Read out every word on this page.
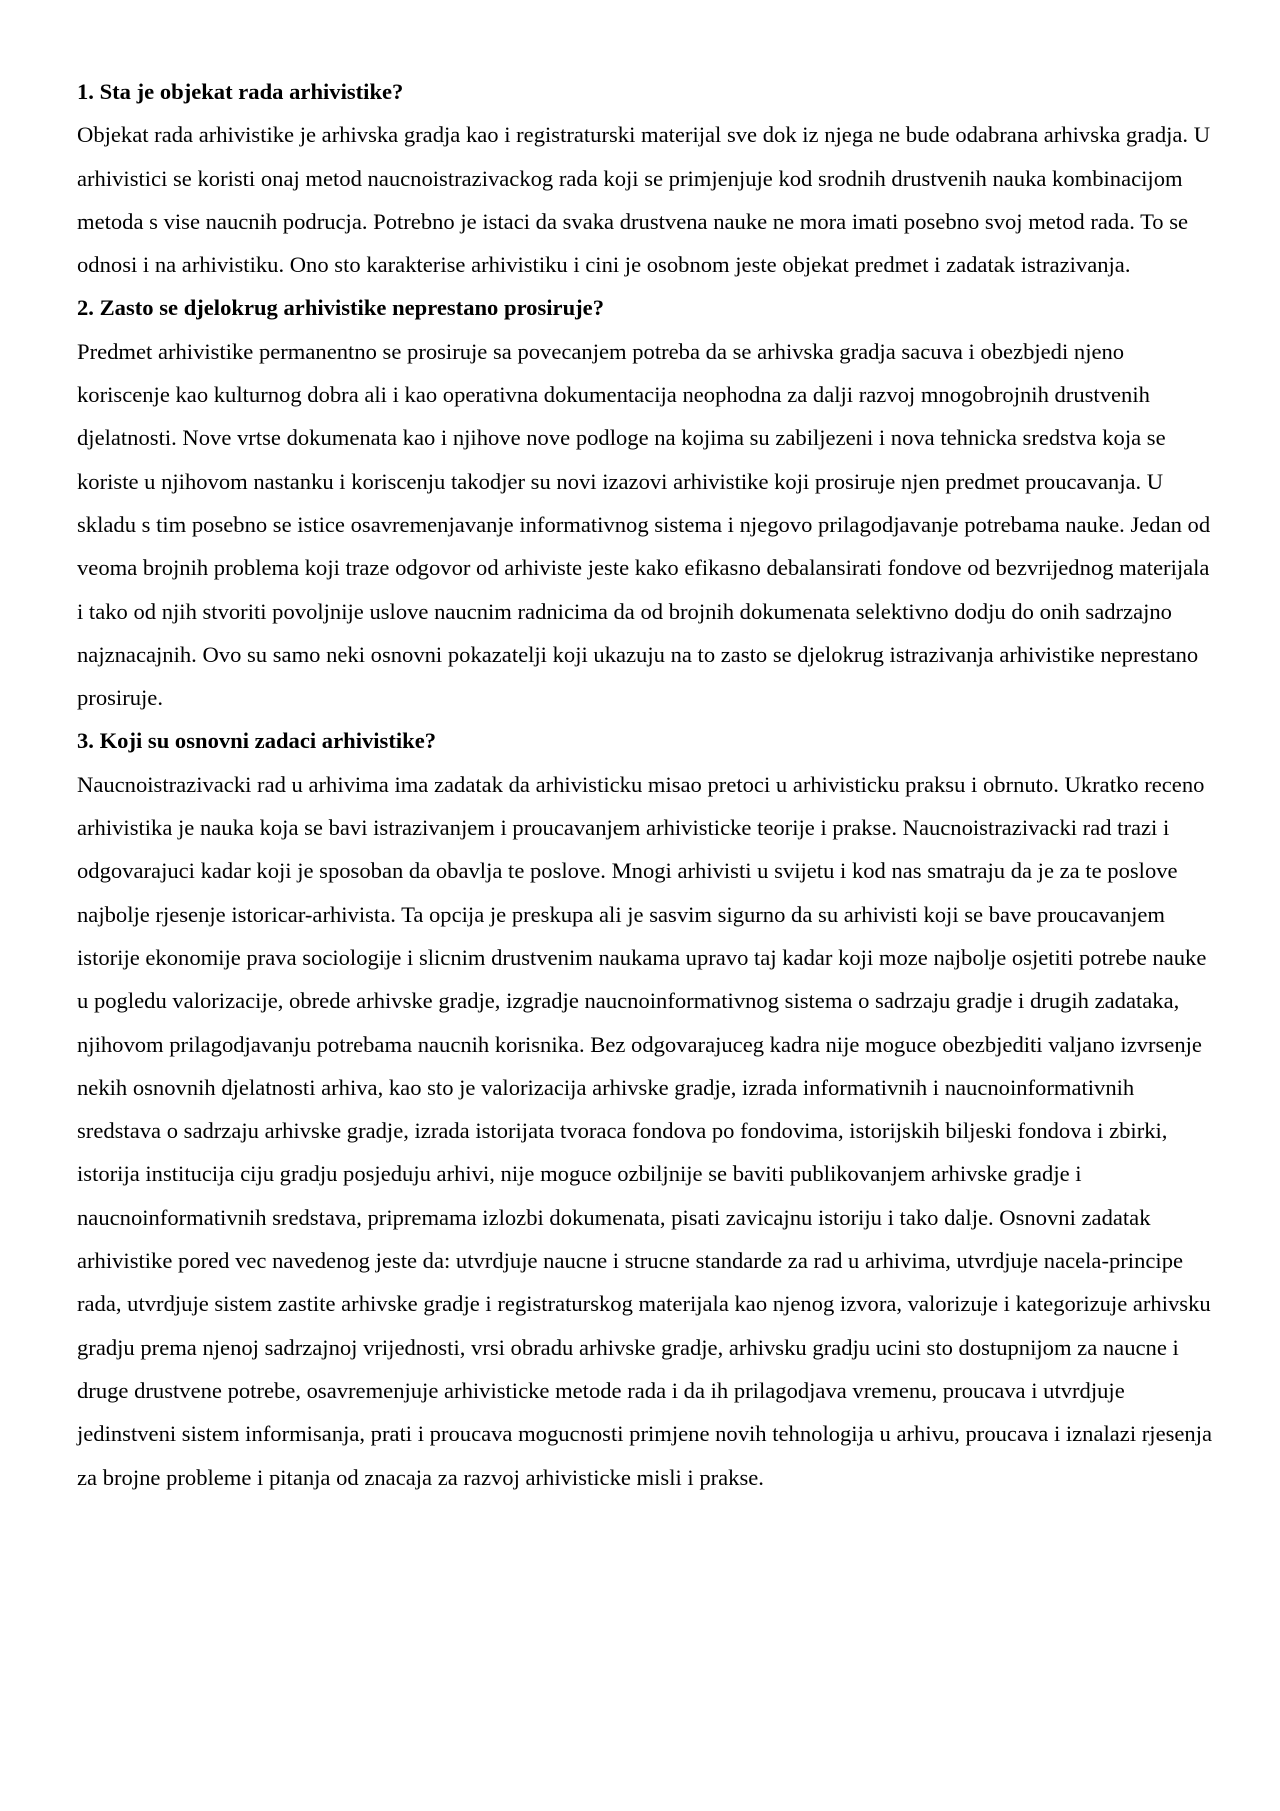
1. Sta je objekat rada arhivistike?

Objekat rada arhivistike je arhivska gradja kao i registraturski materijal sve dok iz njega ne bude odabrana arhivska gradja. U arhivistici se koristi onaj metod naucnoistrazivackog rada koji se primjenjuje kod srodnih drustvenih nauka kombinacijom metoda s vise naucnih podrucja. Potrebno je istaci da svaka drustvena nauke ne mora imati posebno svoj metod rada. To se odnosi i na arhivistiku. Ono sto karakterise arhivistiku i cini je osobnom jeste objekat predmet i zadatak istrazivanja.

2. Zasto se djelokrug arhivistike neprestano prosiruje?

Predmet arhivistike permanentno se prosiruje sa povecanjem potreba da se arhivska gradja sacuva i obezbjedi njeno koriscenje kao kulturnog dobra ali i kao operativna dokumentacija neophodna za dalji razvoj mnogobrojnih drustvenih djelatnosti. Nove vrtse dokumenata kao i njihove nove podloge na kojima su zabiljezeni i nova tehnicka sredstva koja se koriste u njihovom nastanku i koriscenju takodjer su novi izazovi arhivistike koji prosiruje njen predmet proucavanja. U skladu s tim posebno se istice osavremenjavanje informativnog sistema i njegovo prilagodjavanje potrebama nauke. Jedan od veoma brojnih problema koji traze odgovor od arhiviste jeste kako efikasno debalansirati fondove od bezvrijednog materijala i tako od njih stvoriti povoljnije uslove naucnim radnicima da od brojnih dokumenata selektivno dodju do onih sadrzajno najznacajnih. Ovo su samo neki osnovni pokazatelji koji ukazuju na to zasto se djelokrug istrazivanja arhivistike neprestano prosiruje.

3. Koji su osnovni zadaci arhivistike?

Naucnoistrazivacki rad u arhivima ima zadatak da arhivisticku misao pretoci u arhivisticku praksu i obrnuto. Ukratko receno arhivistika je nauka koja se bavi istrazivanjem i proucavanjem arhivisticke teorije i prakse. Naucnoistrazivacki rad trazi i odgovarajuci kadar koji je sposoban da obavlja te poslove. Mnogi arhivisti u svijetu i kod nas smatraju da je za te poslove najbolje rjesenje istoricar-arhivista. Ta opcija je preskupa ali je sasvim sigurno da su arhivisti koji se bave proucavanjem istorije ekonomije prava sociologije i slicnim drustvenim naukama upravo taj kadar koji moze najbolje osjetiti potrebe nauke u pogledu valorizacije, obrede arhivske gradje, izgradje naucnoinformativnog sistema o sadrzaju gradje i drugih zadataka, njihovom prilagodjavanju potrebama naucnih korisnika. Bez odgovarajuceg kadra nije moguce obezbjediti valjano izvrsenje nekih osnovnih djelatnosti arhiva, kao sto je valorizacija arhivske gradje, izrada informativnih i naucnoinformativnih sredstava o sadrzaju arhivske gradje, izrada istorijata tvoraca fondova po fondovima, istorijskih biljeski fondova i zbirki, istorija institucija ciju gradju posjeduju arhivi, nije moguce ozbiljnije se baviti publikovanjem arhivske gradje i naucnoinformativnih sredstava, pripremama izlozbi dokumenata, pisati zavicajnu istoriju i tako dalje. Osnovni zadatak arhivistike pored vec navedenog jeste da: utvrdjuje naucne i strucne standarde za rad u arhivima, utvrdjuje nacela-principe rada, utvrdjuje sistem zastite arhivske gradje i registraturskog materijala kao njenog izvora, valorizuje i kategorizuje arhivsku gradju prema njenoj sadrzajnoj vrijednosti, vrsi obradu arhivske gradje, arhivsku gradju ucini sto dostupnijom za naucne i druge drustvene potrebe, osavremenjuje arhivisticke metode rada i da ih prilagodjava vremenu, proucava i utvrdjuje jedinstveni sistem informisanja, prati i proucava mogucnosti primjene novih tehnologija u arhivu, proucava i iznalazi rjesenja za brojne probleme i pitanja od znacaja za razvoj arhivisticke misli i prakse.
